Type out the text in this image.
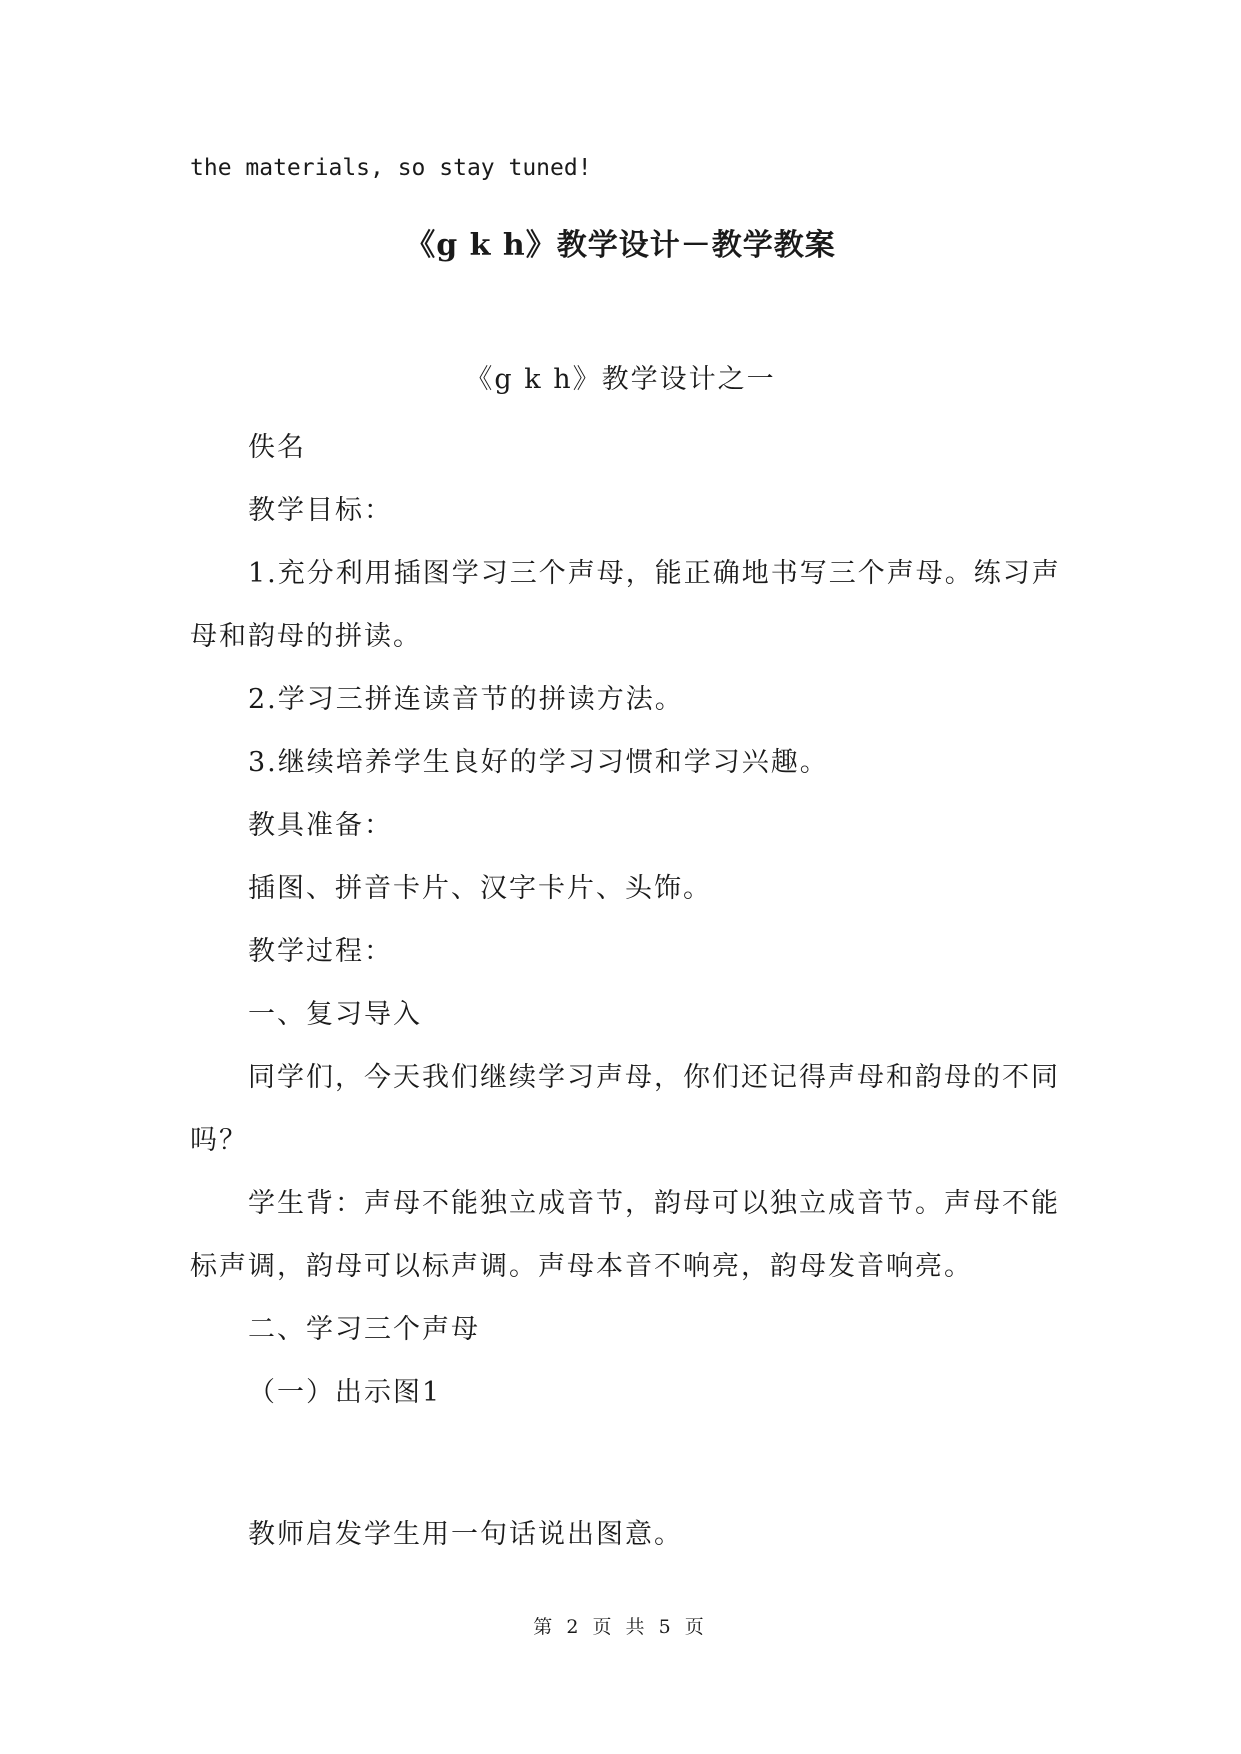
the materials, so stay tuned!
《g k h》教学设计－教学教案
《g k h》教学设计之一
佚名
教学目标：
1.充分利用插图学习三个声母，能正确地书写三个声母。练习声
母和韵母的拼读。
2.学习三拼连读音节的拼读方法。
3.继续培养学生良好的学习习惯和学习兴趣。
教具准备：
插图、拼音卡片、汉字卡片、头饰。
教学过程：
一、复习导入
同学们，今天我们继续学习声母，你们还记得声母和韵母的不同
吗？
学生背：声母不能独立成音节，韵母可以独立成音节。声母不能
标声调，韵母可以标声调。声母本音不响亮，韵母发音响亮。
二、学习三个声母
（一）出示图1
教师启发学生用一句话说出图意。
第 2 页 共 5 页
